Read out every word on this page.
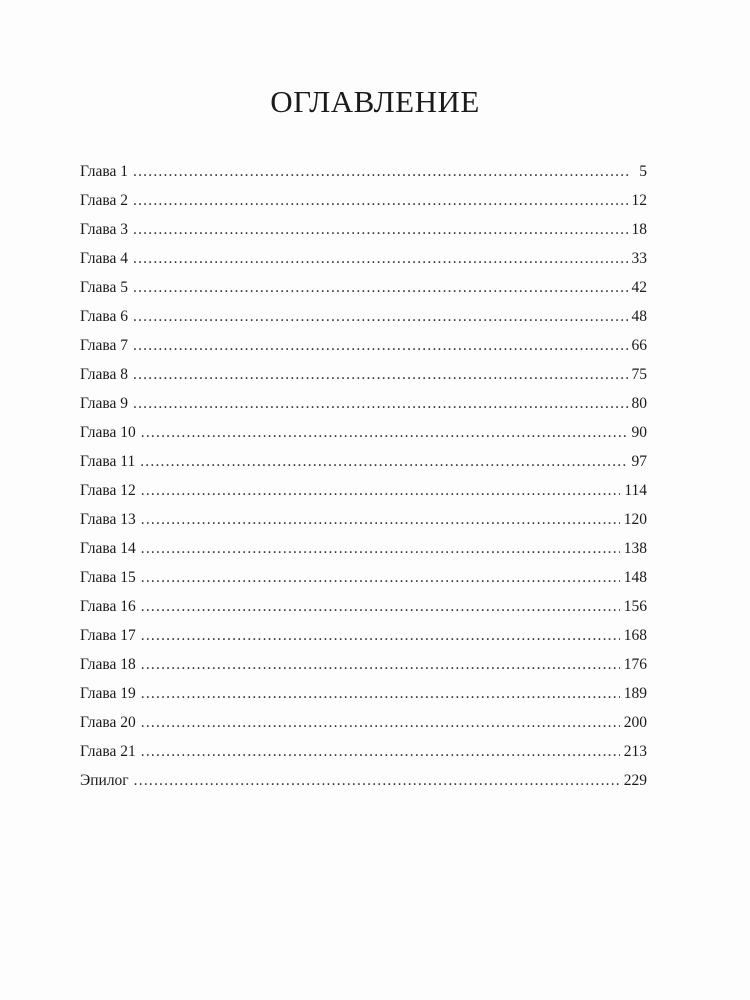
ОГЛАВЛЕНИЕ
Глава 1 .....	5
Глава 2 .....	12
Глава 3 .....	18
Глава 4 .....	33
Глава 5 .....	42
Глава 6 .....	48
Глава 7 .....	66
Глава 8 .....	75
Глава 9 .....	80
Глава 10 .....	90
Глава 11 .....	97
Глава 12 .....	114
Глава 13 .....	120
Глава 14 .....	138
Глава 15 .....	148
Глава 16 .....	156
Глава 17 .....	168
Глава 18 .....	176
Глава 19 .....	189
Глава 20 .....	200
Глава 21 .....	213
Эпилог .....	229
